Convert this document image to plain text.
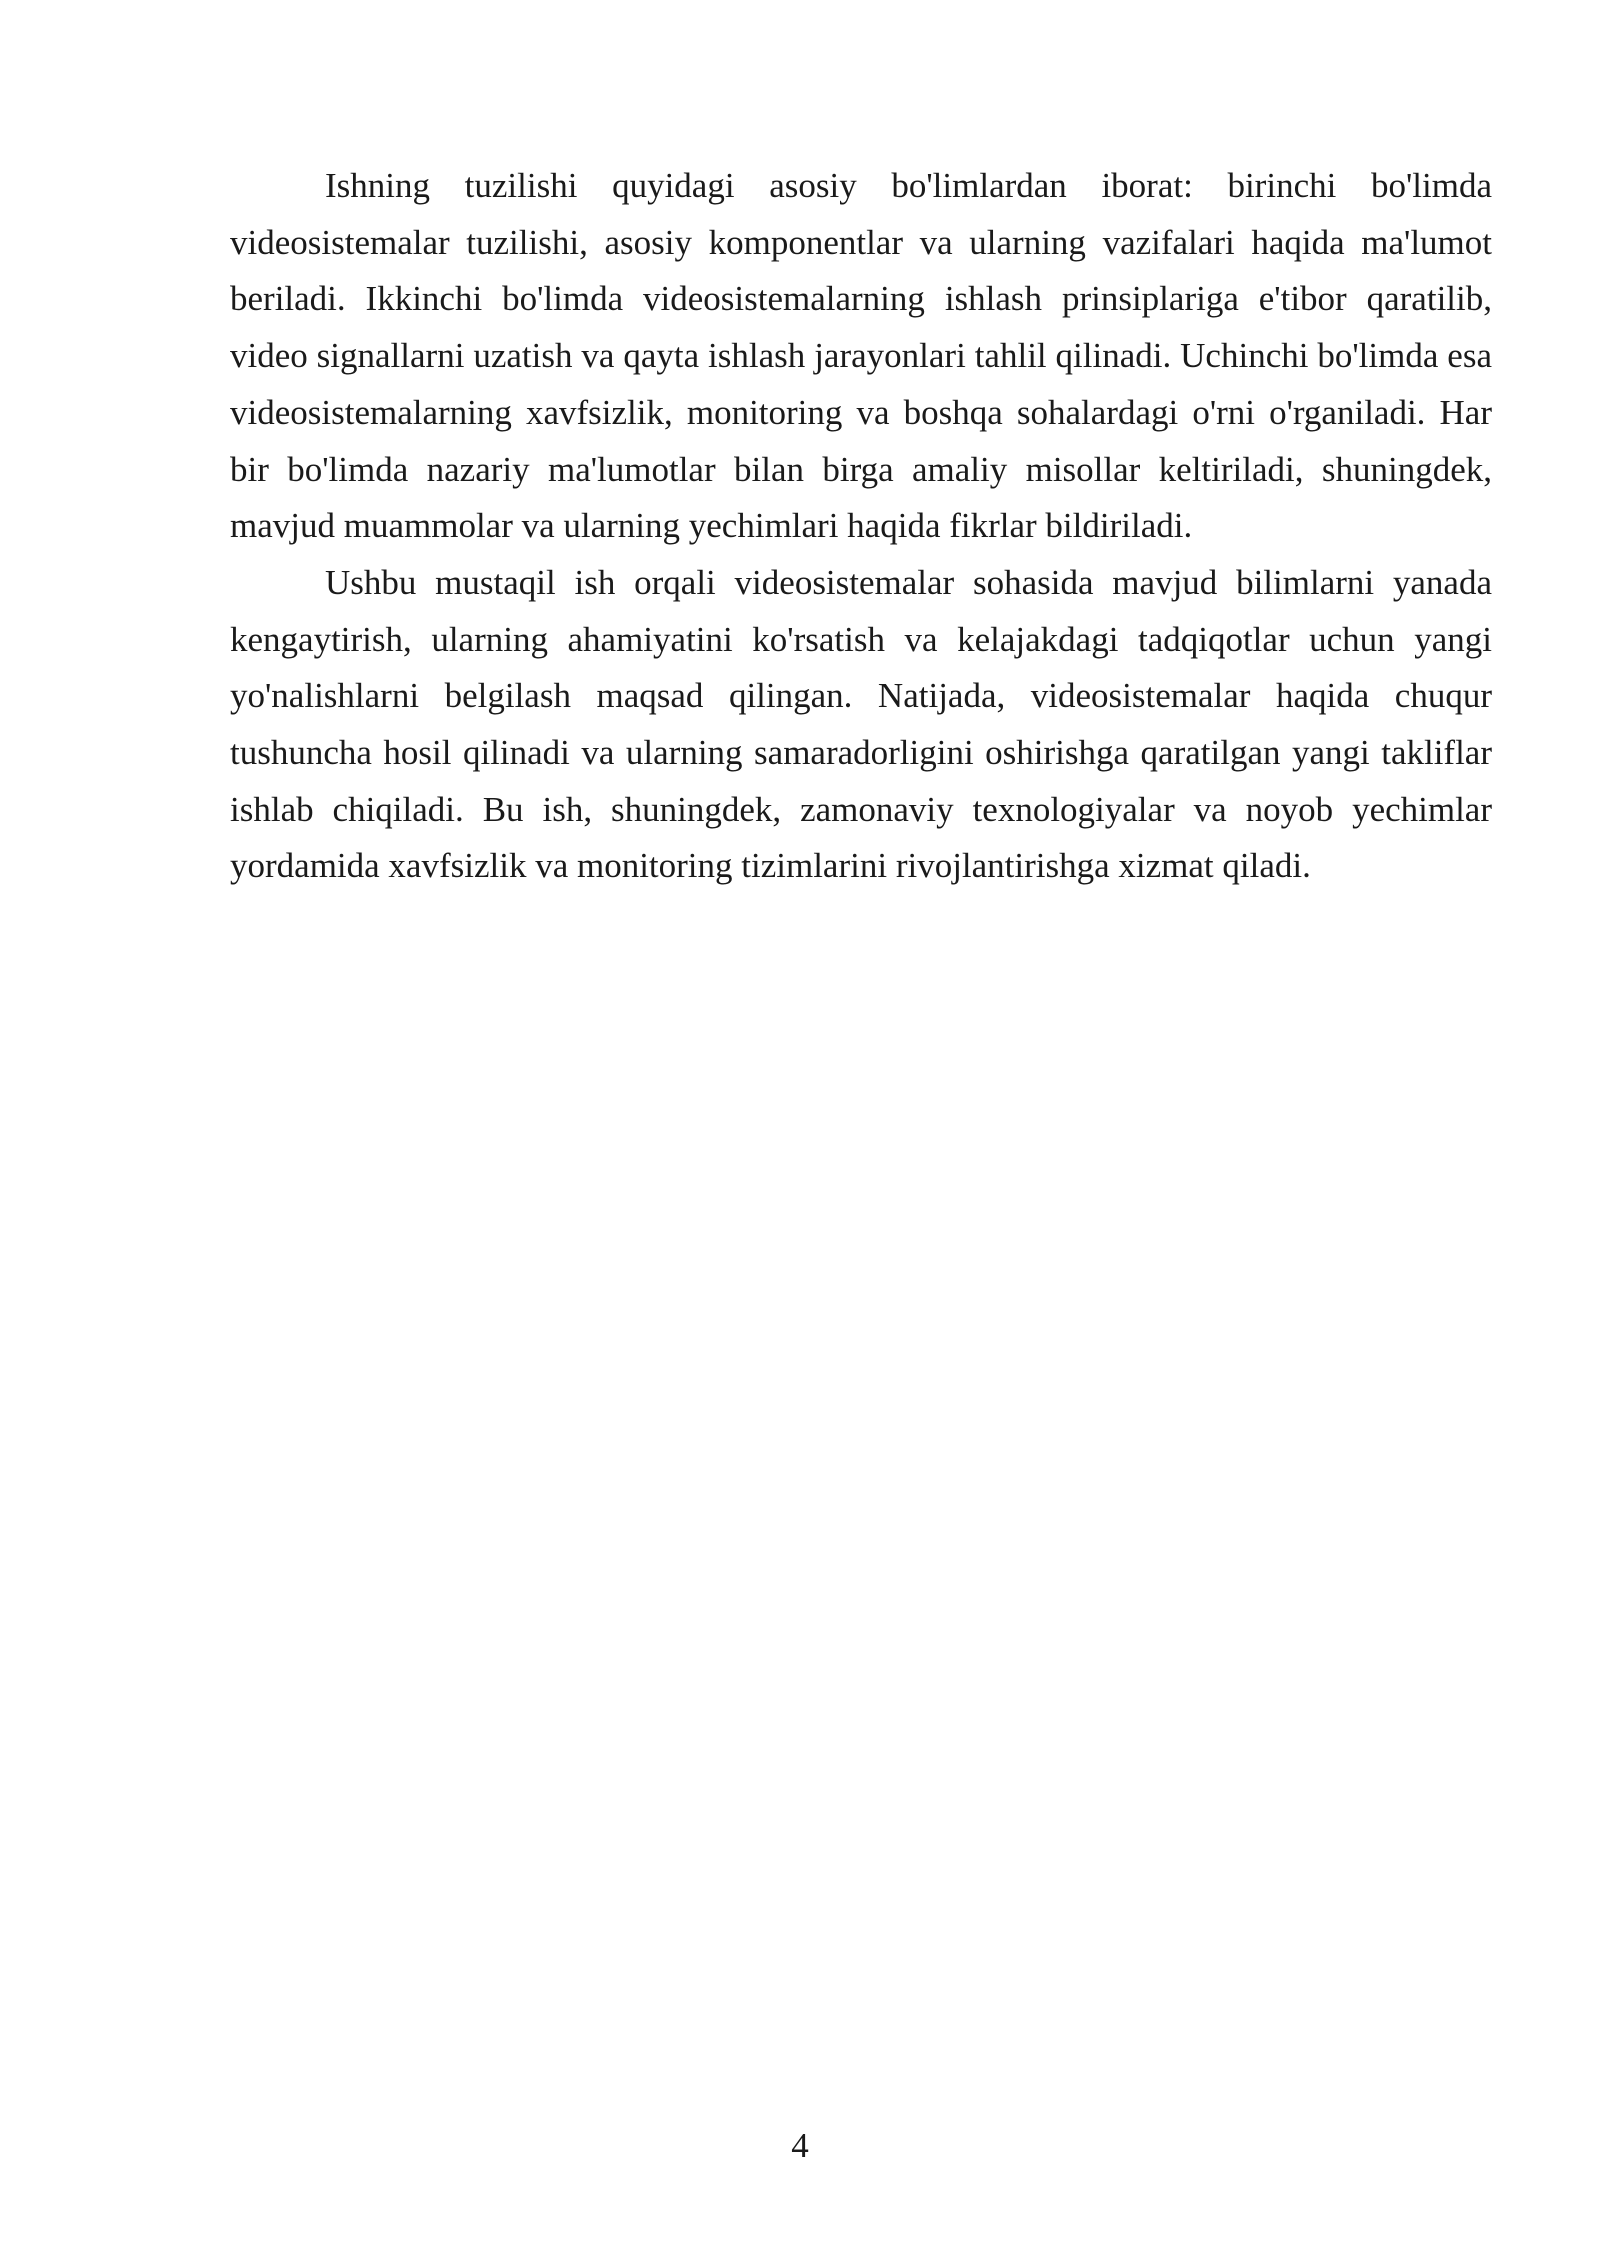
Ishning tuzilishi quyidagi asosiy bo'limlardan iborat: birinchi bo'limda videosistemalar tuzilishi, asosiy komponentlar va ularning vazifalari haqida ma'lumot beriladi. Ikkinchi bo'limda videosistemalarning ishlash prinsiplariga e'tibor qaratilib, video signallarni uzatish va qayta ishlash jarayonlari tahlil qilinadi. Uchinchi bo'limda esa videosistemalarning xavfsizlik, monitoring va boshqa sohalardagi o'rni o'rganiladi. Har bir bo'limda nazariy ma'lumotlar bilan birga amaliy misollar keltiriladi, shuningdek, mavjud muammolar va ularning yechimlari haqida fikrlar bildiriladi.

Ushbu mustaqil ish orqali videosistemalar sohasida mavjud bilimlarni yanada kengaytirish, ularning ahamiyatini ko'rsatish va kelajakdagi tadqiqotlar uchun yangi yo'nalishlarni belgilash maqsad qilingan. Natijada, videosistemalar haqida chuqur tushuncha hosil qilinadi va ularning samaradorligini oshirishga qaratilgan yangi takliflar ishlab chiqiladi. Bu ish, shuningdek, zamonaviy texnologiyalar va noyob yechimlar yordamida xavfsizlik va monitoring tizimlarini rivojlantirishga xizmat qiladi.

4
